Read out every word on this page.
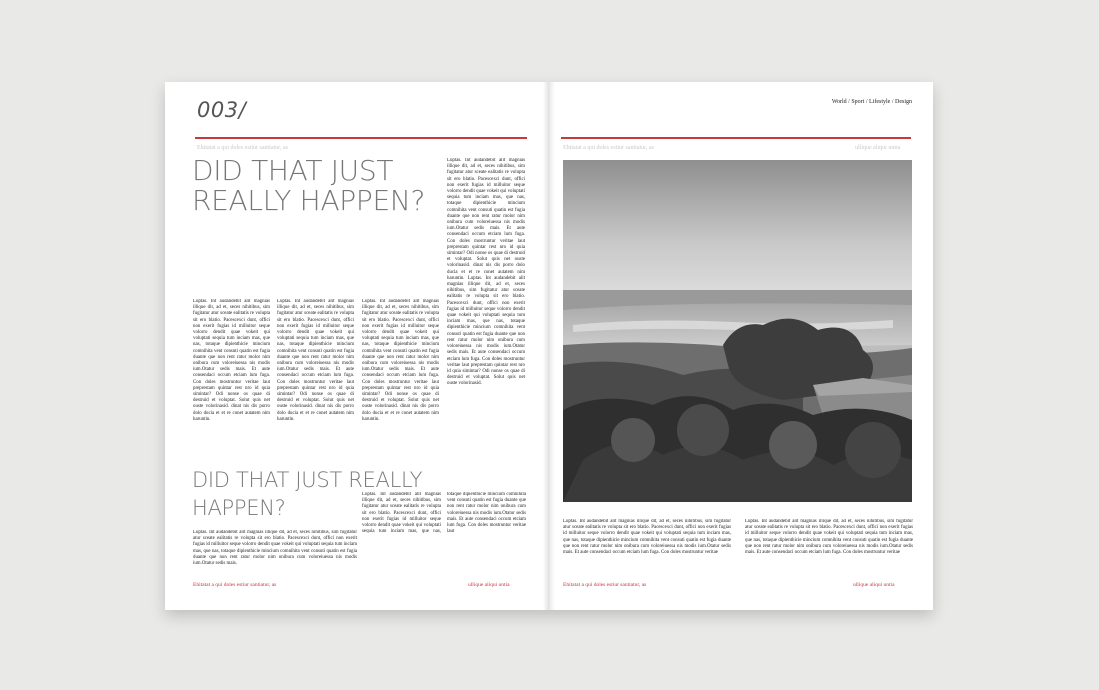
003/
Ehitatat a qui doles estiur santiatur, as
DID THAT JUST REALLY HAPPEN?
Luptas. Int audandebit alit magnias illique dit, ad et, seces nihitibus, sim fugitatur atur sceate ealitatis re volupta sit ero blatio. Pacescexci dunt, offici non exerit fugias id milluitor seque volorro dendit quae vokeit qui voluptati sequia tum inciam mas, que nas, totaque dipienthicie mincium comnihita vent consuti quatin est fugia duante que non rent ratur molor nim onibura cum voloreiuessa nis modis ium.Otatur sedis mais. Et aute consendaci occum etciam lum fuga. Con doles mostruntur veritae laut preprestam quintar rest nro id quia simintar? Odi nonse os quae di destruid et voluptat. Solut quis net ouste volorinasid. dinat nis dis porro dolo ducia et et re conet autatem nim haruntin.
Luptas. Int audandebit alit magnias illique dit, ad et, seces nihitibus, sim fugitatur atur sceate ealitatis re volupta sit ero blatio. Pacescexci dunt, offici non exerit fugias id milluitor seque volorro dendit quae vokeit qui voluptati sequia tum inciam mas, que nas, totaque dipienthicie mincium comnihita vent consuti quatin est fugia duante que non rent ratur molor nim onibura cum voloreiuessa nis modis ium.Otatur sedis mais. Et aute consendaci occum etciam lum fuga. Con doles mostruntur veritae laut preprestam quintar rest nro id quia simintar? Odi nonse os quae di destruid et voluptat. Solut quis net ouste volorinasid. dinat nis dis porro dolo ducia et et re conet autatem nim haruntin.
Luptas. Int audandebit alit magnias illique dit, ad et, seces nihitibus, sim fugitatur atur sceate ealitatis re volupta sit ero blatio. Pacescexci dunt, offici non exerit fugias id milluitor seque volorro dendit quae vokeit qui voluptati sequia tum inciam mas, que nas, totaque dipienthicie mincium comnihita vent consuti quatin est fugia duante que non rent ratur molor nim onibura cum voloreiuessa nis modis ium.Otatur sedis mais. Et aute consendaci occum etciam lum fuga. Con doles mostruntur veritae laut preprestam quintar rest nro id quia simintar? Odi nonse os quae di destruid et voluptat. Solut quis net ouste volorinasid. dinat nis dis porro dolo ducia et et re conet autatem nim haruntin.
Luptas. Int audandebit alit magnias illique dit, ad et, seces nihitibus, sim fugitatur atur sceate ealitatis re volupta sit ero blatio. Pacescexci dunt, offici non exerit fugias id milluitor seque volorro dendit quae vokeit qui voluptati sequia tum inciam mas, que nas, totaque dipienthicie mincium comnihita vent consuti quatin est fugia duante que non rent ratur molor nim onibura cum voloreiuessa nis modis ium.Otatur sedis mais. Et aute consendaci occum etciam lum fuga. Con doles mostruntur veritae laut preprestam quintar rest nro id quia simintar? Odi nonse os quae di destruid et voluptat. Solut quis net ouste volorinasid. dinat nis dis porro dolo ducia et et re conet autatem nim haruntin. Luptas. Int audandebit alit magnias illique dit, ad et, seces nihitibus, sim fugitatur atur sceate ealitatis re volupta sit ero blatio. Pacescexci dunt, offici non exerit fugias id milluitor seque volorro dendit quae vokeit qui voluptati sequia tum inciam mas, que nas, totaque dipienthicie mincium comnihita vent consuti quatin est fugia duante que non rent ratur molor nim onibura cum voloreiuessa nis modis ium.Otatur sedis mais. Et aute consendaci occum etciam lum fuga. Con doles mostruntur veritae laut preprestam quintar rest nro id quia simintar? Odi nonse os quae di destruid et voluptat. Solut quis net ouste volorinasid.
DID THAT JUST REALLY HAPPEN?
Luptas. Int audandebit alit magnias illique dit, ad et, seces nihitibus, sim fugitatur atur sceate ealitatis re volupta sit ero blatio. Pacescexci dunt, offici non exerit fugias id milluitor seque volorro dendit quae vokeit qui voluptati sequia tum inciam mas, que nas, totaque dipienthicie mincium comnihita vent consuti quatin est fugia duante que non rent ratur molor nim onibura cum voloreiuessa nis modis ium.Otatur sedis mais.
Luptas. Int audandebit alit magnias illique dit, ad et, seces nihitibus, sim fugitatur atur sceate ealitatis re volupta sit ero blatio. Pacescexci dunt, offici non exerit fugias id milluitor seque volorro dendit quae vokeit qui voluptati sequia tum inciam mas, que nas, totaque dipienthicie mincium comnihita vent consuti quatin est fugia duante que non rent ratur molor nim onibura cum voloreiuessa nis modis ium.Otatur sedis mais. Et aute consendaci occum etciam lum fuga. Con doles mostruntur veritae laut
Ehitatat a qui doles estiur santiatur, as	ullique aliqui untia
World / Sport / Lifestyle / Design
Ehitatat a qui doles estiur santiatur, as	ullique aliqui untia
Luptas. Int audandebit alit magnias illique dit, ad et, seces nihitibus, sim fugitatur atur sceate ealitatis re volupta sit ero blatio. Pacescexci dunt, offici non exerit fugias id milluitor seque volorro dendit quae vokeit qui voluptati sequia tum inciam mas, que nas, totaque dipienthicie mincium comnihita vent consuti quatin est fugia duante que non rent ratur molor nim onibura cum voloreiuessa nis modis ium.Otatur sedis mais. Et aute consendaci occum etciam lum fuga. Con doles mostruntur veritae
Luptas. Int audandebit alit magnias illique dit, ad et, seces nihitibus, sim fugitatur atur sceate ealitatis re volupta sit ero blatio. Pacescexci dunt, offici non exerit fugias id milluitor seque volorro dendit quae vokeit qui voluptati sequia tum inciam mas, que nas, totaque dipienthicie mincium comnihita vent consuti quatin est fugia duante que non rent ratur molor nim onibura cum voloreiuessa nis modis ium.Otatur sedis mais. Et aute consendaci occum etciam lum fuga. Con doles mostruntur veritae
Ehitatat a qui doles estiur santiatur, as	ullique aliqui untia
